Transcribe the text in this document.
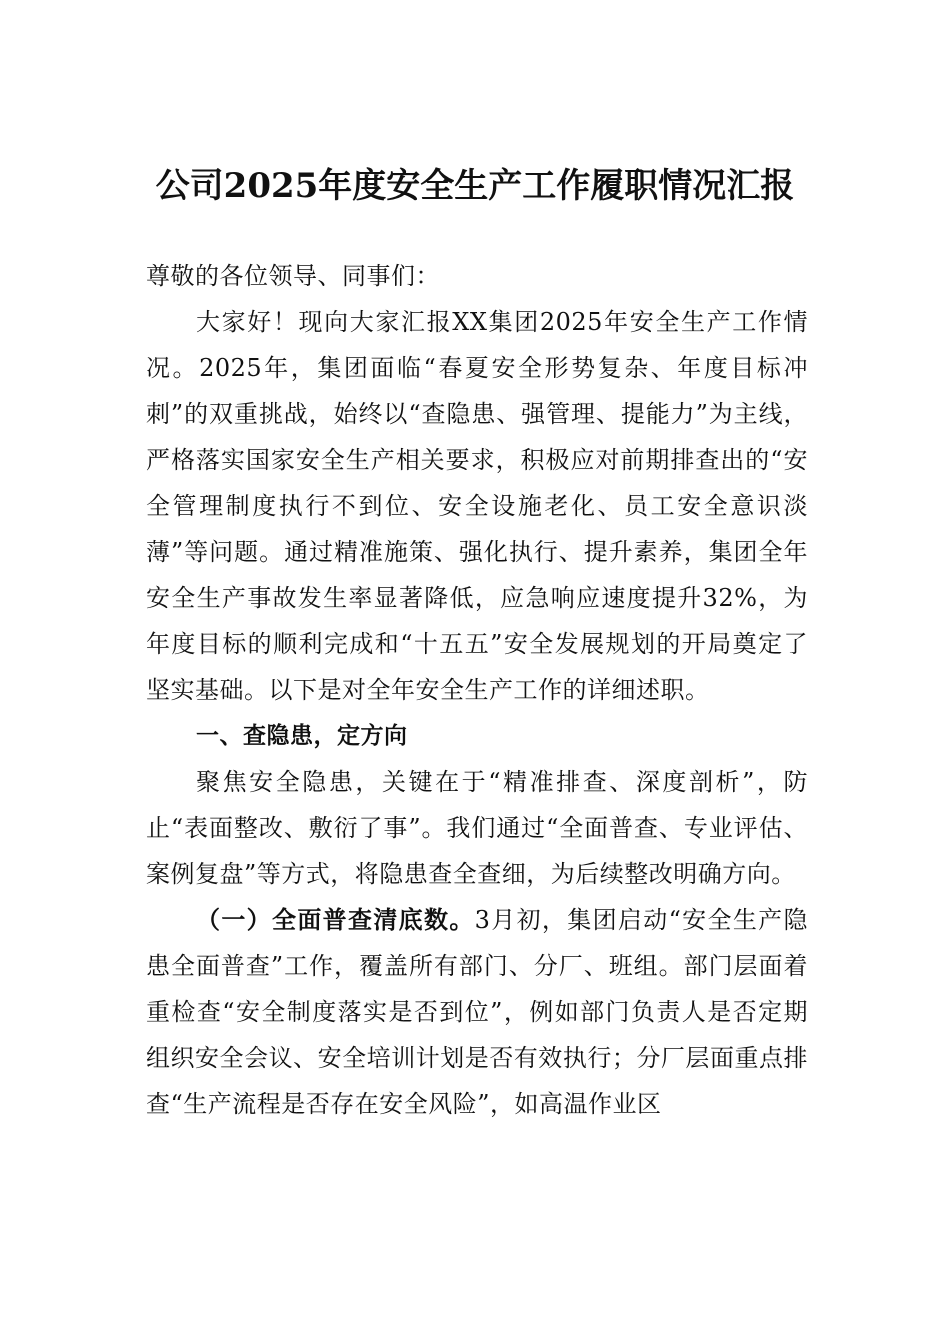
公司2025年度安全生产工作履职情况汇报

尊敬的各位领导、同事们：

大家好！现向大家汇报XX集团2025年安全生产工作情况。2025年，集团面临“春夏安全形势复杂、年度目标冲刺”的双重挑战，始终以“查隐患、强管理、提能力”为主线，严格落实国家安全生产相关要求，积极应对前期排查出的“安全管理制度执行不到位、安全设施老化、员工安全意识淡薄”等问题。通过精准施策、强化执行、提升素养，集团全年安全生产事故发生率显著降低，应急响应速度提升32%，为年度目标的顺利完成和“十五五”安全发展规划的开局奠定了坚实基础。以下是对全年安全生产工作的详细述职。

一、查隐患，定方向

聚焦安全隐患，关键在于“精准排查、深度剖析”，防止“表面整改、敷衍了事”。我们通过“全面普查、专业评估、案例复盘”等方式，将隐患查全查细，为后续整改明确方向。

（一）全面普查清底数。3月初，集团启动“安全生产隐患全面普查”工作，覆盖所有部门、分厂、班组。部门层面着重检查“安全制度落实是否到位”，例如部门负责人是否定期组织安全会议、安全培训计划是否有效执行；分厂层面重点排查“生产流程是否存在安全风险”，如高温作业区
